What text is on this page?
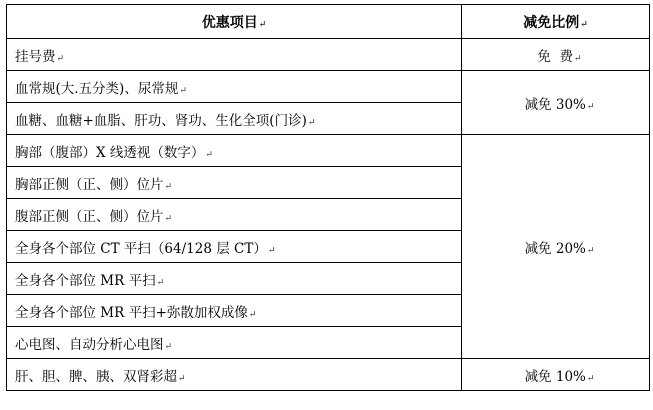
优惠项目↵	减免比例↵
挂号费↵	免  费↵
血常规(大.五分类)、尿常规↵	减免 30%↵
血糖、血糖+血脂、肝功、肾功、生化全项(门诊)↵	
胸部（腹部）X 线透视（数字）↵	减免 20%↵
胸部正侧（正、侧）位片↵	
腹部正侧（正、侧）位片↵	
全身各个部位 CT 平扫（64/128 层 CT）↵	
全身各个部位 MR 平扫↵	
全身各个部位 MR 平扫+弥散加权成像↵	
心电图、自动分析心电图↵	
肝、胆、脾、胰、双肾彩超↵	减免 10%↵
